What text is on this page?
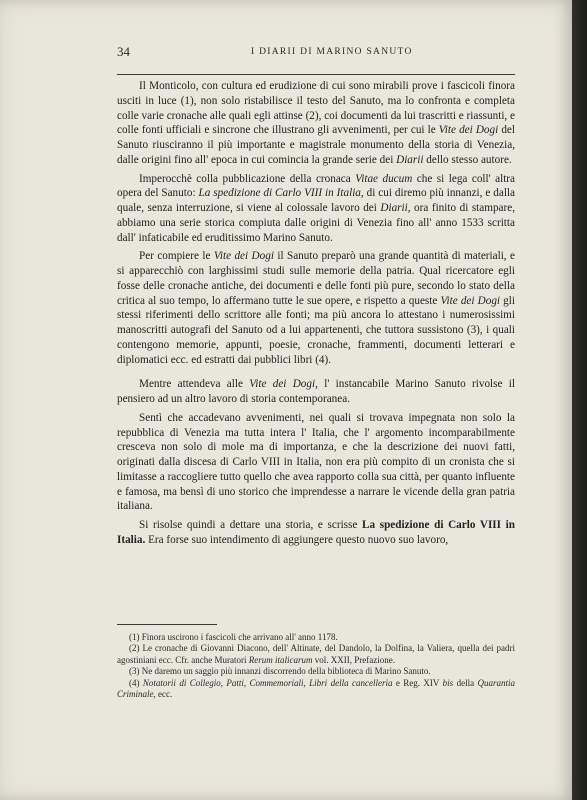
34	I DIARII DI MARINO SANUTO

Il Monticolo, con cultura ed erudizione di cui sono mirabili prove i fascicoli finora usciti in luce (1), non solo ristabilisce il testo del Sanuto, ma lo confronta e completa colle varie cronache alle quali egli attinse (2), coi documenti da lui trascritti e riassunti, e colle fonti ufficiali e sincrone che illustrano gli avvenimenti, per cui le Vite dei Dogi del Sanuto riusciranno il più importante e magistrale monumento della storia di Venezia, dalle origini fino all' epoca in cui comincia la grande serie dei Diarii dello stesso autore.

Imperocchè colla pubblicazione della cronaca Vitae ducum che si lega coll' altra opera del Sanuto: La spedizione di Carlo VIII in Italia, di cui diremo più innanzi, e dalla quale, senza interruzione, si viene al colossale lavoro dei Diarii, ora finito di stampare, abbiamo una serie storica compiuta dalle origini di Venezia fino all' anno 1533 scritta dall' infaticabile ed eruditissimo Marino Sanuto.

Per compiere le Vite dei Dogi il Sanuto preparò una grande quantità di materiali, e si apparecchiò con larghissimi studi sulle memorie della patria. Qual ricercatore egli fosse delle cronache antiche, dei documenti e delle fonti più pure, secondo lo stato della critica al suo tempo, lo affermano tutte le sue opere, e rispetto a queste Vite dei Dogi gli stessi riferimenti dello scrittore alle fonti; ma più ancora lo attestano i numerosissimi manoscritti autografi del Sanuto od a lui appartenenti, che tuttora sussistono (3), i quali contengono memorie, appunti, poesie, cronache, frammenti, documenti letterari e diplomatici ecc. ed estratti dai pubblici libri (4).

Mentre attendeva alle Vite dei Dogi, l' instancabile Marino Sanuto rivolse il pensiero ad un altro lavoro di storia contemporanea.

Sentì che accadevano avvenimenti, nei quali si trovava impegnata non solo la repubblica di Venezia ma tutta intera l' Italia, che l' argomento incomparabilmente cresceva non solo di mole ma di importanza, e che la descrizione dei nuovi fatti, originati dalla discesa di Carlo VIII in Italia, non era più compito di un cronista che si limitasse a raccogliere tutto quello che avea rapporto colla sua città, per quanto influente e famosa, ma bensì di uno storico che imprendesse a narrare le vicende della gran patria italiana.

Si risolse quindi a dettare una storia, e scrisse La spedizione di Carlo VIII in Italia. Era forse suo intendimento di aggiungere questo nuovo suo lavoro,

(1) Finora uscirono i fascicoli che arrivano all' anno 1178.

(2) Le cronache di Giovanni Diacono, dell' Altinate, del Dandolo, la Dolfina, la Valiera, quella dei padri agostiniani ecc. Cfr. anche Muratori Rerum italicarum vol. XXII, Prefazione.

(3) Ne daremo un saggio più innanzi discorrendo della biblioteca di Marino Sanuto.

(4) Notatorii di Collegio, Patti, Commemoriali, Libri della cancelleria e Reg. XIV bis della Quarantia Criminale, ecc.
